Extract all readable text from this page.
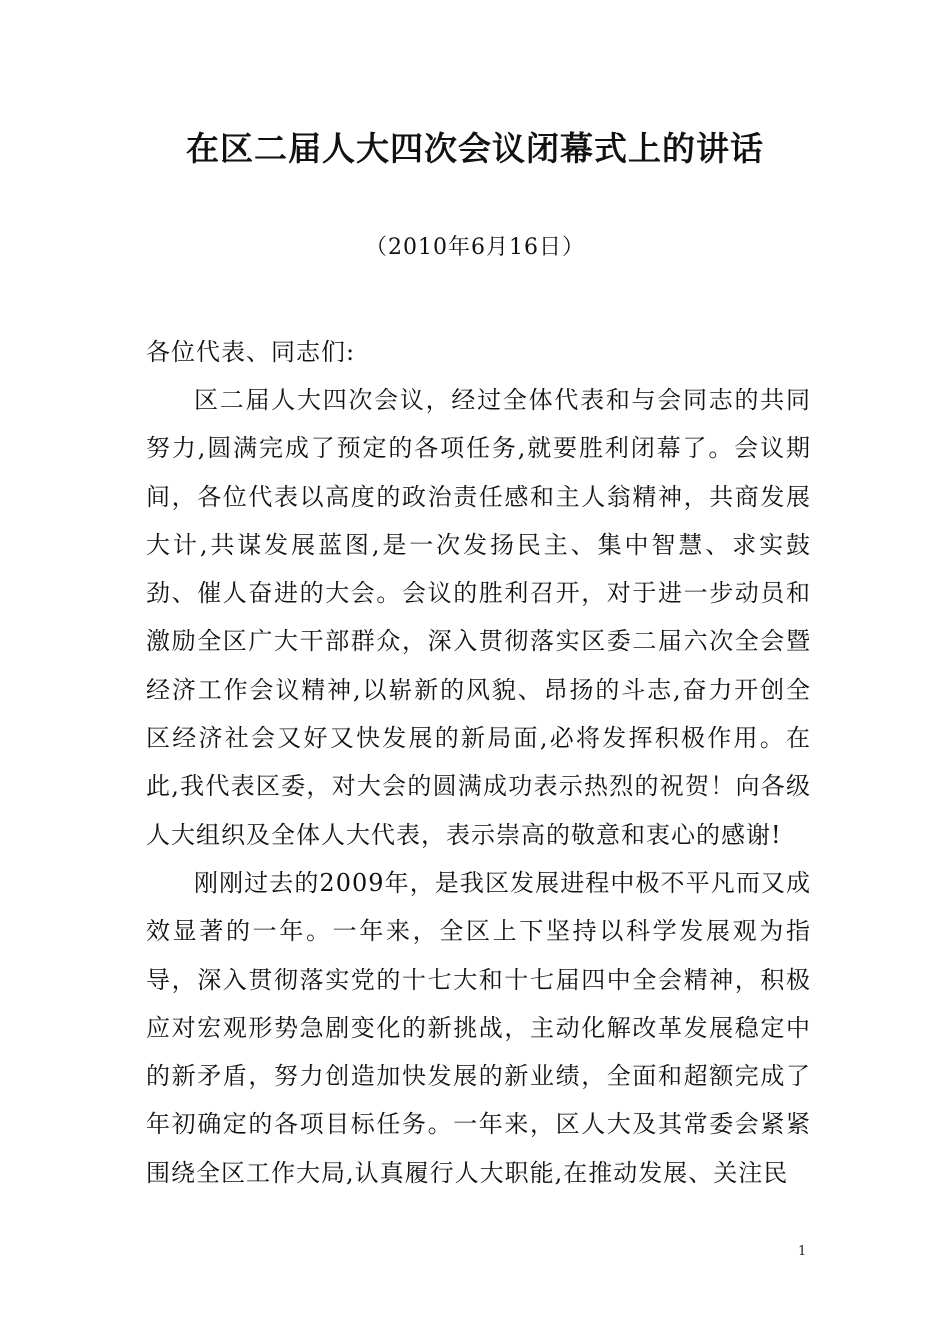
在区二届人大四次会议闭幕式上的讲话
（2010年6月16日）

各位代表、同志们:

区二届人大四次会议，经过全体代表和与会同志的共同努力,圆满完成了预定的各项任务,就要胜利闭幕了。会议期间，各位代表以高度的政治责任感和主人翁精神，共商发展大计,共谋发展蓝图,是一次发扬民主、集中智慧、求实鼓劲、催人奋进的大会。会议的胜利召开，对于进一步动员和激励全区广大干部群众，深入贯彻落实区委二届六次全会暨经济工作会议精神,以崭新的风貌、昂扬的斗志,奋力开创全区经济社会又好又快发展的新局面,必将发挥积极作用。在此,我代表区委，对大会的圆满成功表示热烈的祝贺！向各级人大组织及全体人大代表，表示崇高的敬意和衷心的感谢!

刚刚过去的2009年，是我区发展进程中极不平凡而又成效显著的一年。一年来，全区上下坚持以科学发展观为指导，深入贯彻落实党的十七大和十七届四中全会精神，积极应对宏观形势急剧变化的新挑战，主动化解改革发展稳定中的新矛盾，努力创造加快发展的新业绩，全面和超额完成了年初确定的各项目标任务。一年来，区人大及其常委会紧紧围绕全区工作大局,认真履行人大职能,在推动发展、关注民

1
